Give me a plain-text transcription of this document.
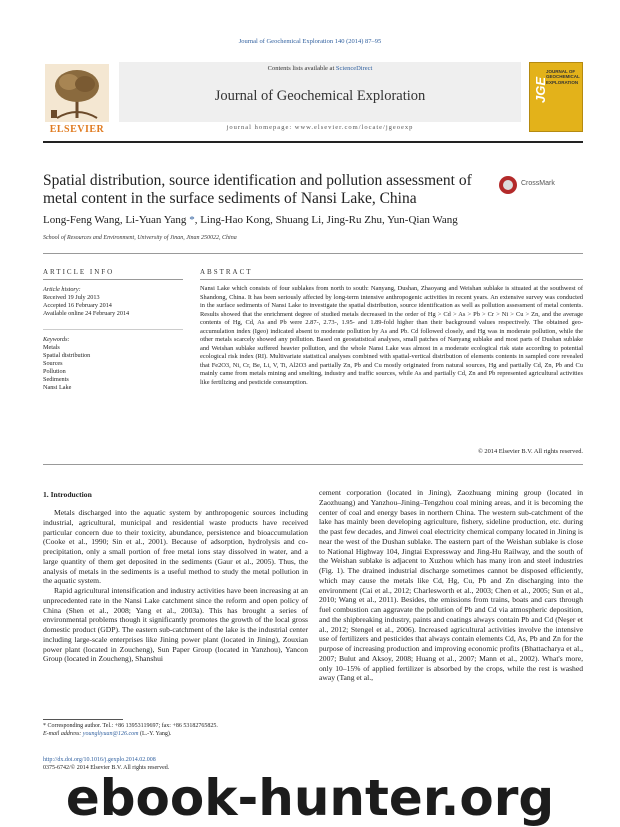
Journal of Geochemical Exploration 140 (2014) 87–95
ELSEVIER
Contents lists available at ScienceDirect
Journal of Geochemical Exploration
journal homepage: www.elsevier.com/locate/jgeoexp
JGE
JOURNAL OF GEOCHEMICAL EXPLORATION
Spatial distribution, source identification and pollution assessment of metal content in the surface sediments of Nansi Lake, China
CrossMark
Long-Feng Wang, Li-Yuan Yang *, Ling-Hao Kong, Shuang Li, Jing-Ru Zhu, Yun-Qian Wang
School of Resources and Environment, University of Jinan, Jinan 250022, China
ARTICLE INFO	ABSTRACT
Article history:
Received 19 July 2013
Accepted 16 February 2014
Available online 24 February 2014
Keywords:
Metals
Spatial distribution
Sources
Pollution
Sediments
Nansi Lake
Nansi Lake which consists of four sublakes from north to south: Nanyang, Dushan, Zhaoyang and Weishan sublake is situated at the southwest of Shandong, China. It has been seriously affected by long-term intensive anthropogenic activities in recent years. An extensive survey was conducted in the surface sediments of Nansi Lake to investigate the spatial distribution, source identification as well as pollution assessment of metal contents. Results showed that the enrichment degree of studied metals decreased in the order of Hg > Cd > As > Pb > Cr > Ni > Cu > Zn, and the average contents of Hg, Cd, As and Pb were 2.87-, 2.73-, 1.95- and 1.89-fold higher than their background values respectively. The obtained geo-accumulation index (Igeo) indicated absent to moderate pollution by As and Pb. Cd followed closely, and Hg was in moderate pollution, while the other metals scarcely showed any pollution. Based on geostatistical analyses, small patches of Nanyang sublake and most parts of Dushan sublake and Weishan sublake suffered heavier pollution, and the whole Nansi Lake was almost in a moderate ecological risk state according to potential ecological risk index (RI). Multivariate statistical analyses combined with spatial-vertical distribution of elements contents in sampled core revealed that Fe2O3, Ni, Cr, Be, Li, V, Ti, Al2O3 and partially Zn, Pb and Cu mostly originated from natural sources, Hg and partially Cd, Zn, Pb and Cu mainly came from metals mining and smelting, industry and traffic sources, while As and partially Cd, Zn and Pb represented agricultural activities like fertilizing and pesticide consumption.
© 2014 Elsevier B.V. All rights reserved.
1. Introduction

Metals discharged into the aquatic system by anthropogenic sources including industrial, agricultural, municipal and residential waste products have received particular concern due to their toxicity, abundance, persistence and bioaccumulation (Cooke et al., 1990; Sin et al., 2001). Because of adsorption, hydrolysis and co-precipitation, only a small portion of free metal ions stay dissolved in water, and a large quantity of them get deposited in the sediments (Gaur et al., 2005). Thus, the analysis of metals in the sediments is a useful method to study the metal pollution in the aquatic system.

Rapid agricultural intensification and industry activities have been increasing at an unprecedented rate in the Nansi Lake catchment since the reform and open policy of China (Shen et al., 2008; Yang et al., 2003a). This has brought a series of environmental problems though it significantly promotes the growth of the local gross domestic product (GDP). The eastern sub-catchment of the lake is the industrial center including large-scale enterprises like Jining power plant (located in Jining), Zouxian power plant (located in Zoucheng), Sun Paper Group (located in Yanzhou), Yancon Group (located in Zoucheng), Shanshui

cement corporation (located in Jining), Zaozhuang mining group (located in Zaozhuang) and Yanzhou–Jining–Tengzhou coal mining areas, and it is becoming the center of coal and energy bases in northern China. The western sub-catchment of the lake has mainly been developing agriculture, fishery, sideline production, etc. during the past few decades, and Jinwei coal electricity chemical company located in Jining is near the west of the Dushan sublake. The eastern part of the Weishan sublake is close to National Highway 104, Jingtai Expressway and Jing-Hu Railway, and the south of the Weishan sublake is adjacent to Xuzhou which has many iron and steel industries (Fig. 1). The drained industrial discharge sometimes cannot be disposed efficiently, which may cause the metals like Cd, Hg, Cu, Pb and Zn discharging into the environment (Cai et al., 2012; Charlesworth et al., 2003; Chen et al., 2005; Sun et al., 2010; Wang et al., 2011). Besides, the emissions from trains, boats and cars through fuel combustion can aggravate the pollution of Pb and Cd via atmospheric deposition, and the shipbreaking industry, paints and coatings always contain Pb and Cd (Neşer et al., 2012; Stengel et al., 2006). Increased agricultural activities involve the intensive use of fertilizers and pesticides that always contain elements Cd, As, Pb and Zn for the purpose of increasing production and improving economic profits (Bhattacharya et al., 2007; Bulut and Aksoy, 2008; Huang et al., 2007; Mann et al., 2002). What's more, only 10–15% of applied fertilizer is absorbed by the crops, while the rest is washed away (Tang et al.,

* Corresponding author. Tel.: +86 13953119697; fax: +86 53182765825.
E-mail address: youngliyuan@126.com (L.-Y. Yang).
http://dx.doi.org/10.1016/j.gexplo.2014.02.008
0375-6742/© 2014 Elsevier B.V. All rights reserved.
ebook-hunter.org
